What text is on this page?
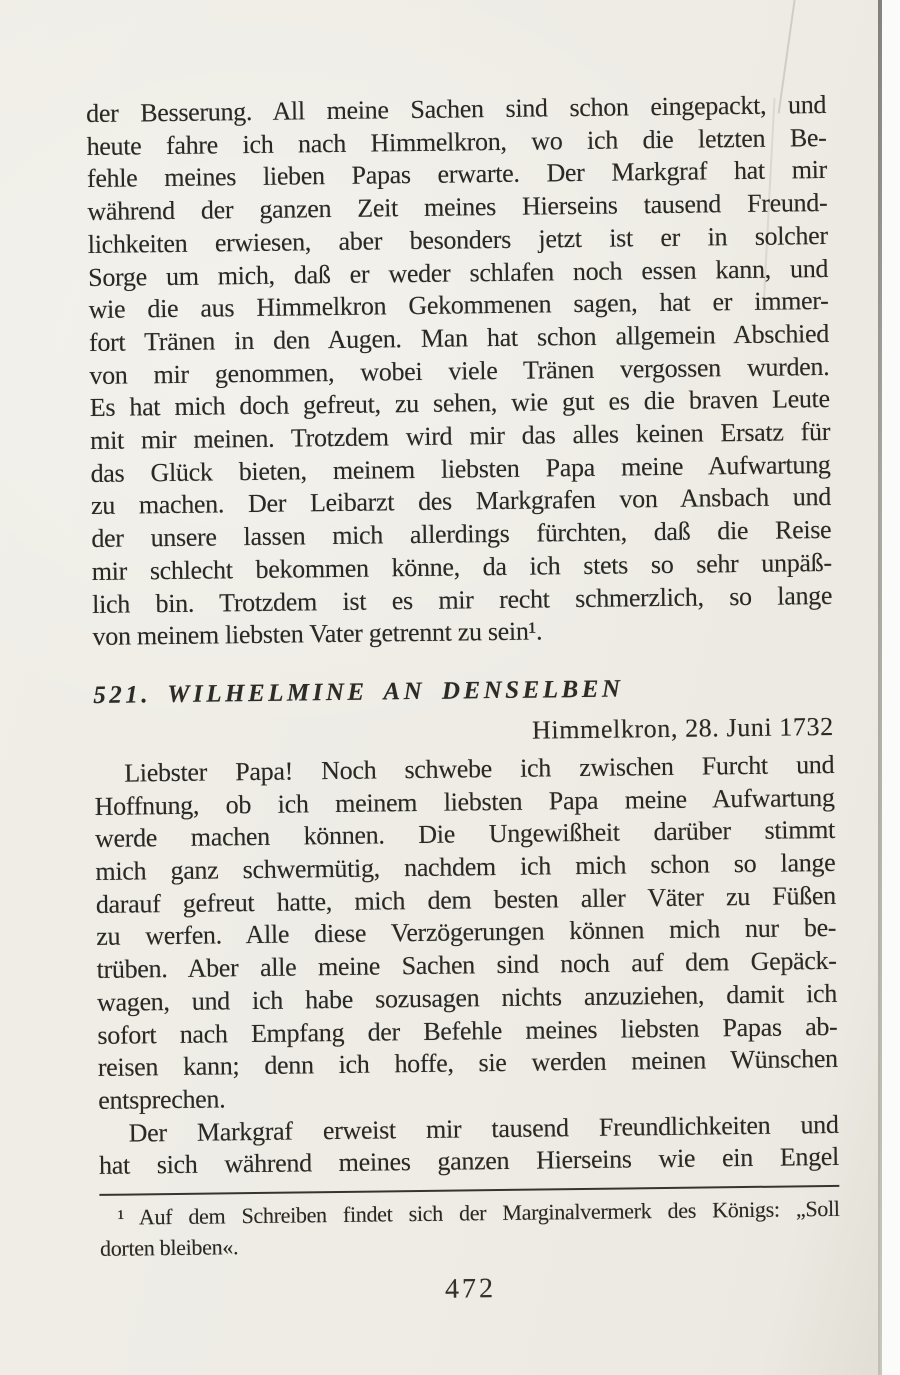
der Besserung. All meine Sachen sind schon eingepackt, und
heute fahre ich nach Himmelkron, wo ich die letzten Be-
fehle meines lieben Papas erwarte. Der Markgraf hat mir
während der ganzen Zeit meines Hierseins tausend Freund-
lichkeiten erwiesen, aber besonders jetzt ist er in solcher
Sorge um mich, daß er weder schlafen noch essen kann, und
wie die aus Himmelkron Gekommenen sagen, hat er immer-
fort Tränen in den Augen. Man hat schon allgemein Abschied
von mir genommen, wobei viele Tränen vergossen wurden.
Es hat mich doch gefreut, zu sehen, wie gut es die braven Leute
mit mir meinen. Trotzdem wird mir das alles keinen Ersatz für
das Glück bieten, meinem liebsten Papa meine Aufwartung
zu machen. Der Leibarzt des Markgrafen von Ansbach und
der unsere lassen mich allerdings fürchten, daß die Reise
mir schlecht bekommen könne, da ich stets so sehr unpäß-
lich bin. Trotzdem ist es mir recht schmerzlich, so lange
von meinem liebsten Vater getrennt zu sein¹.
521. WILHELMINE AN DENSELBEN
Himmelkron, 28. Juni 1732
Liebster Papa! Noch schwebe ich zwischen Furcht und
Hoffnung, ob ich meinem liebsten Papa meine Aufwartung
werde machen können. Die Ungewißheit darüber stimmt
mich ganz schwermütig, nachdem ich mich schon so lange
darauf gefreut hatte, mich dem besten aller Väter zu Füßen
zu werfen. Alle diese Verzögerungen können mich nur be-
trüben. Aber alle meine Sachen sind noch auf dem Gepäck-
wagen, und ich habe sozusagen nichts anzuziehen, damit ich
sofort nach Empfang der Befehle meines liebsten Papas ab-
reisen kann; denn ich hoffe, sie werden meinen Wünschen
entsprechen.
Der Markgraf erweist mir tausend Freundlichkeiten und
hat sich während meines ganzen Hierseins wie ein Engel
¹ Auf dem Schreiben findet sich der Marginalvermerk des Königs: „Soll
dorten bleiben«.
472
